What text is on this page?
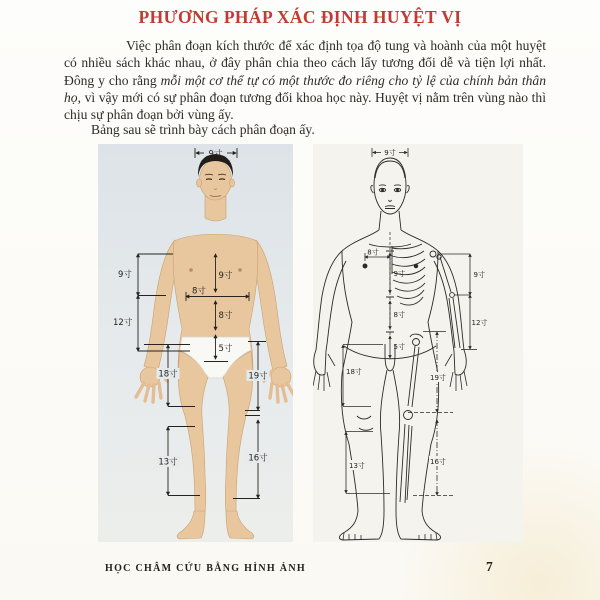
PHƯƠNG PHÁP XÁC ĐỊNH HUYỆT VỊ

Việc phân đoạn kích thước để xác định tọa độ tung và hoành của một huyệt có nhiều sách khác nhau, ở đây phân chia theo cách lấy tương đối dễ và tiện lợi nhất. Đông y cho rằng mỗi một cơ thể tự có một thước đo riêng cho tỷ lệ của chính bản thân họ, vì vậy mới có sự phân đoạn tương đối khoa học này. Huyệt vị nằm trên vùng nào thì chịu sự phân đoạn bởi vùng ấy.

Bảng sau sẽ trình bày cách phân đoạn ấy.

9寸
9寸
8寸
9寸
12寸
8寸
5寸
18寸	19寸
13寸	16寸
9寸
8寸
9寸
8寸
5寸
9寸
12寸
18寸
13寸
19寸
16寸
HỌC CHÂM CỨU BẰNG HÌNH ẢNH	7
